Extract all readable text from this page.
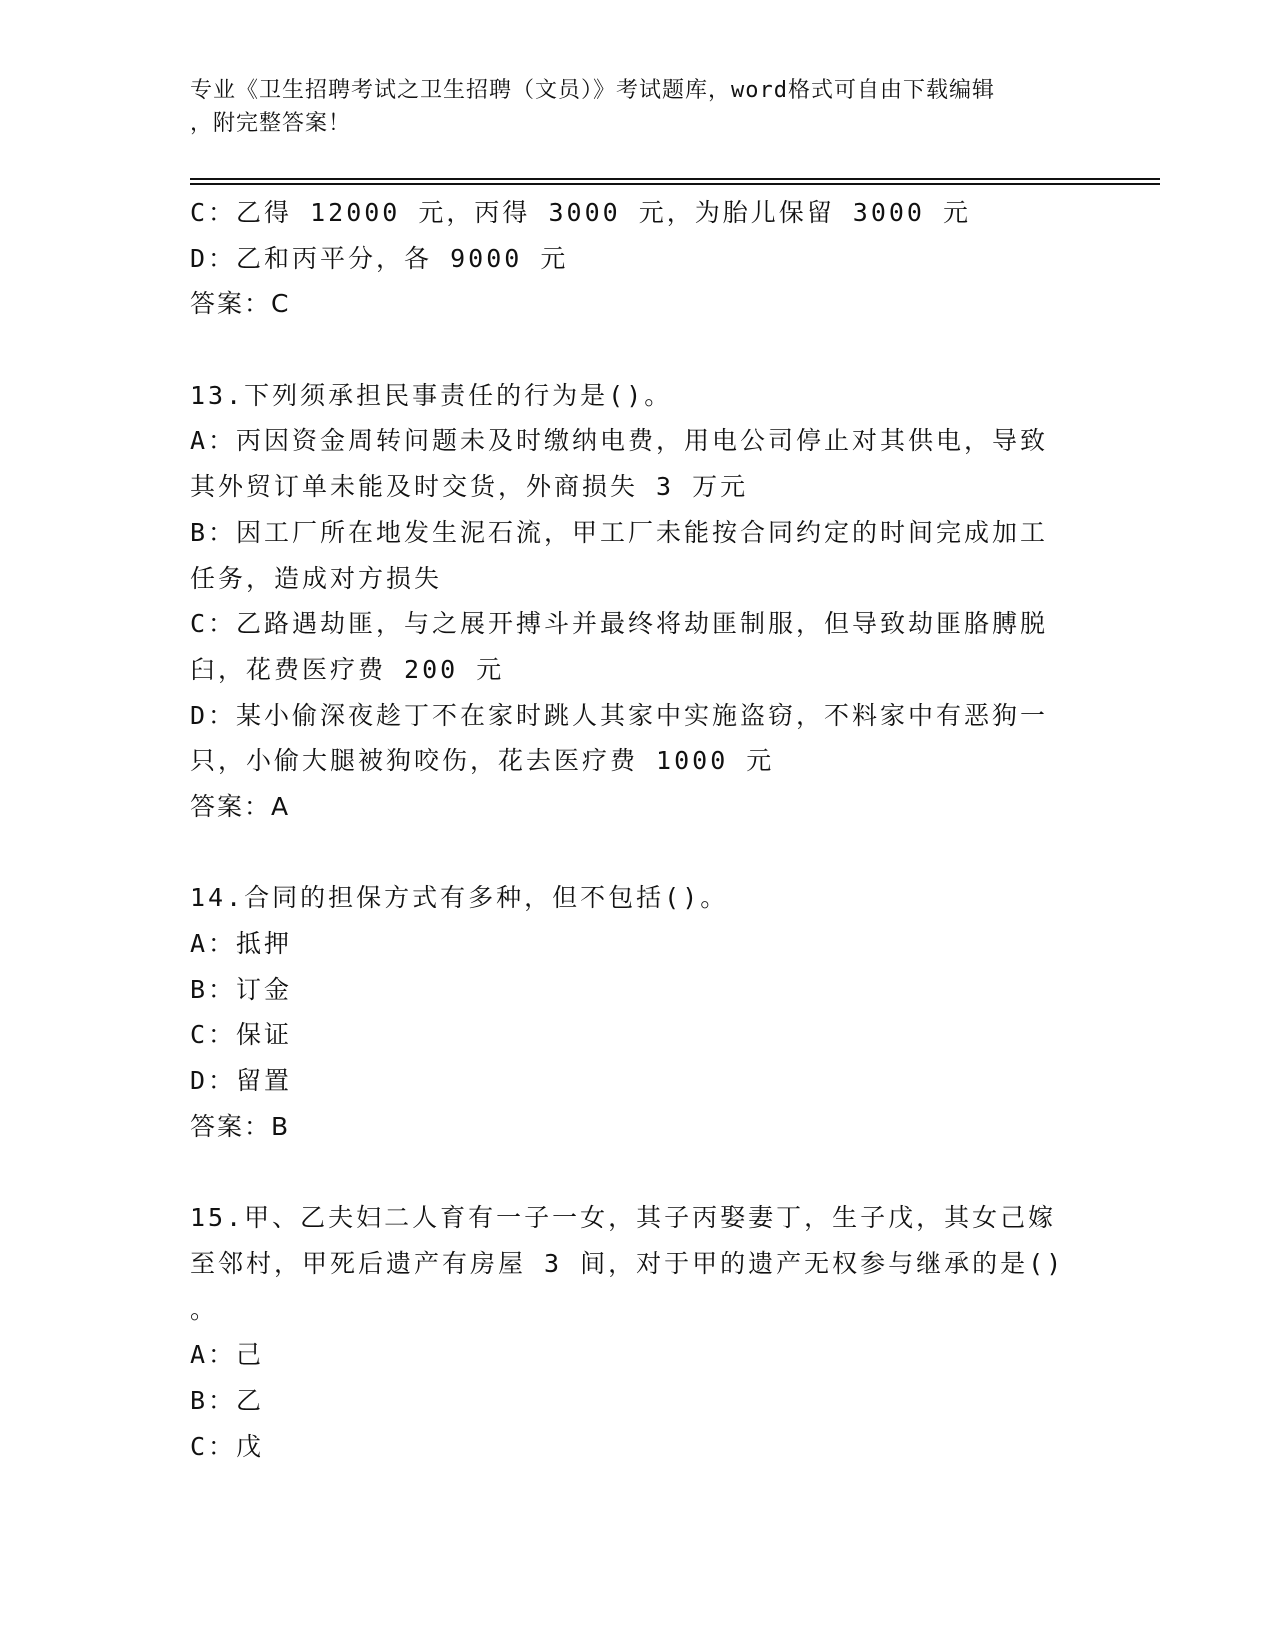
专业《卫生招聘考试之卫生招聘（文员）》考试题库，word格式可自由下载编辑
，附完整答案！
C：乙得 12000 元，丙得 3000 元，为胎儿保留 3000 元
D：乙和丙平分，各 9000 元
答案：C
13.下列须承担民事责任的行为是()。
A：丙因资金周转问题未及时缴纳电费，用电公司停止对其供电，导致
其外贸订单未能及时交货，外商损失 3 万元
B：因工厂所在地发生泥石流，甲工厂未能按合同约定的时间完成加工
任务，造成对方损失
C：乙路遇劫匪，与之展开搏斗并最终将劫匪制服，但导致劫匪胳膊脱
臼，花费医疗费 200 元
D：某小偷深夜趁丁不在家时跳人其家中实施盗窃，不料家中有恶狗一
只，小偷大腿被狗咬伤，花去医疗费 1000 元
答案：A
14.合同的担保方式有多种，但不包括()。
A：抵押
B：订金
C：保证
D：留置
答案：B
15.甲、乙夫妇二人育有一子一女，其子丙娶妻丁，生子戊，其女己嫁
至邻村，甲死后遗产有房屋 3 间，对于甲的遗产无权参与继承的是()
。
A：己
B：乙
C：戊
